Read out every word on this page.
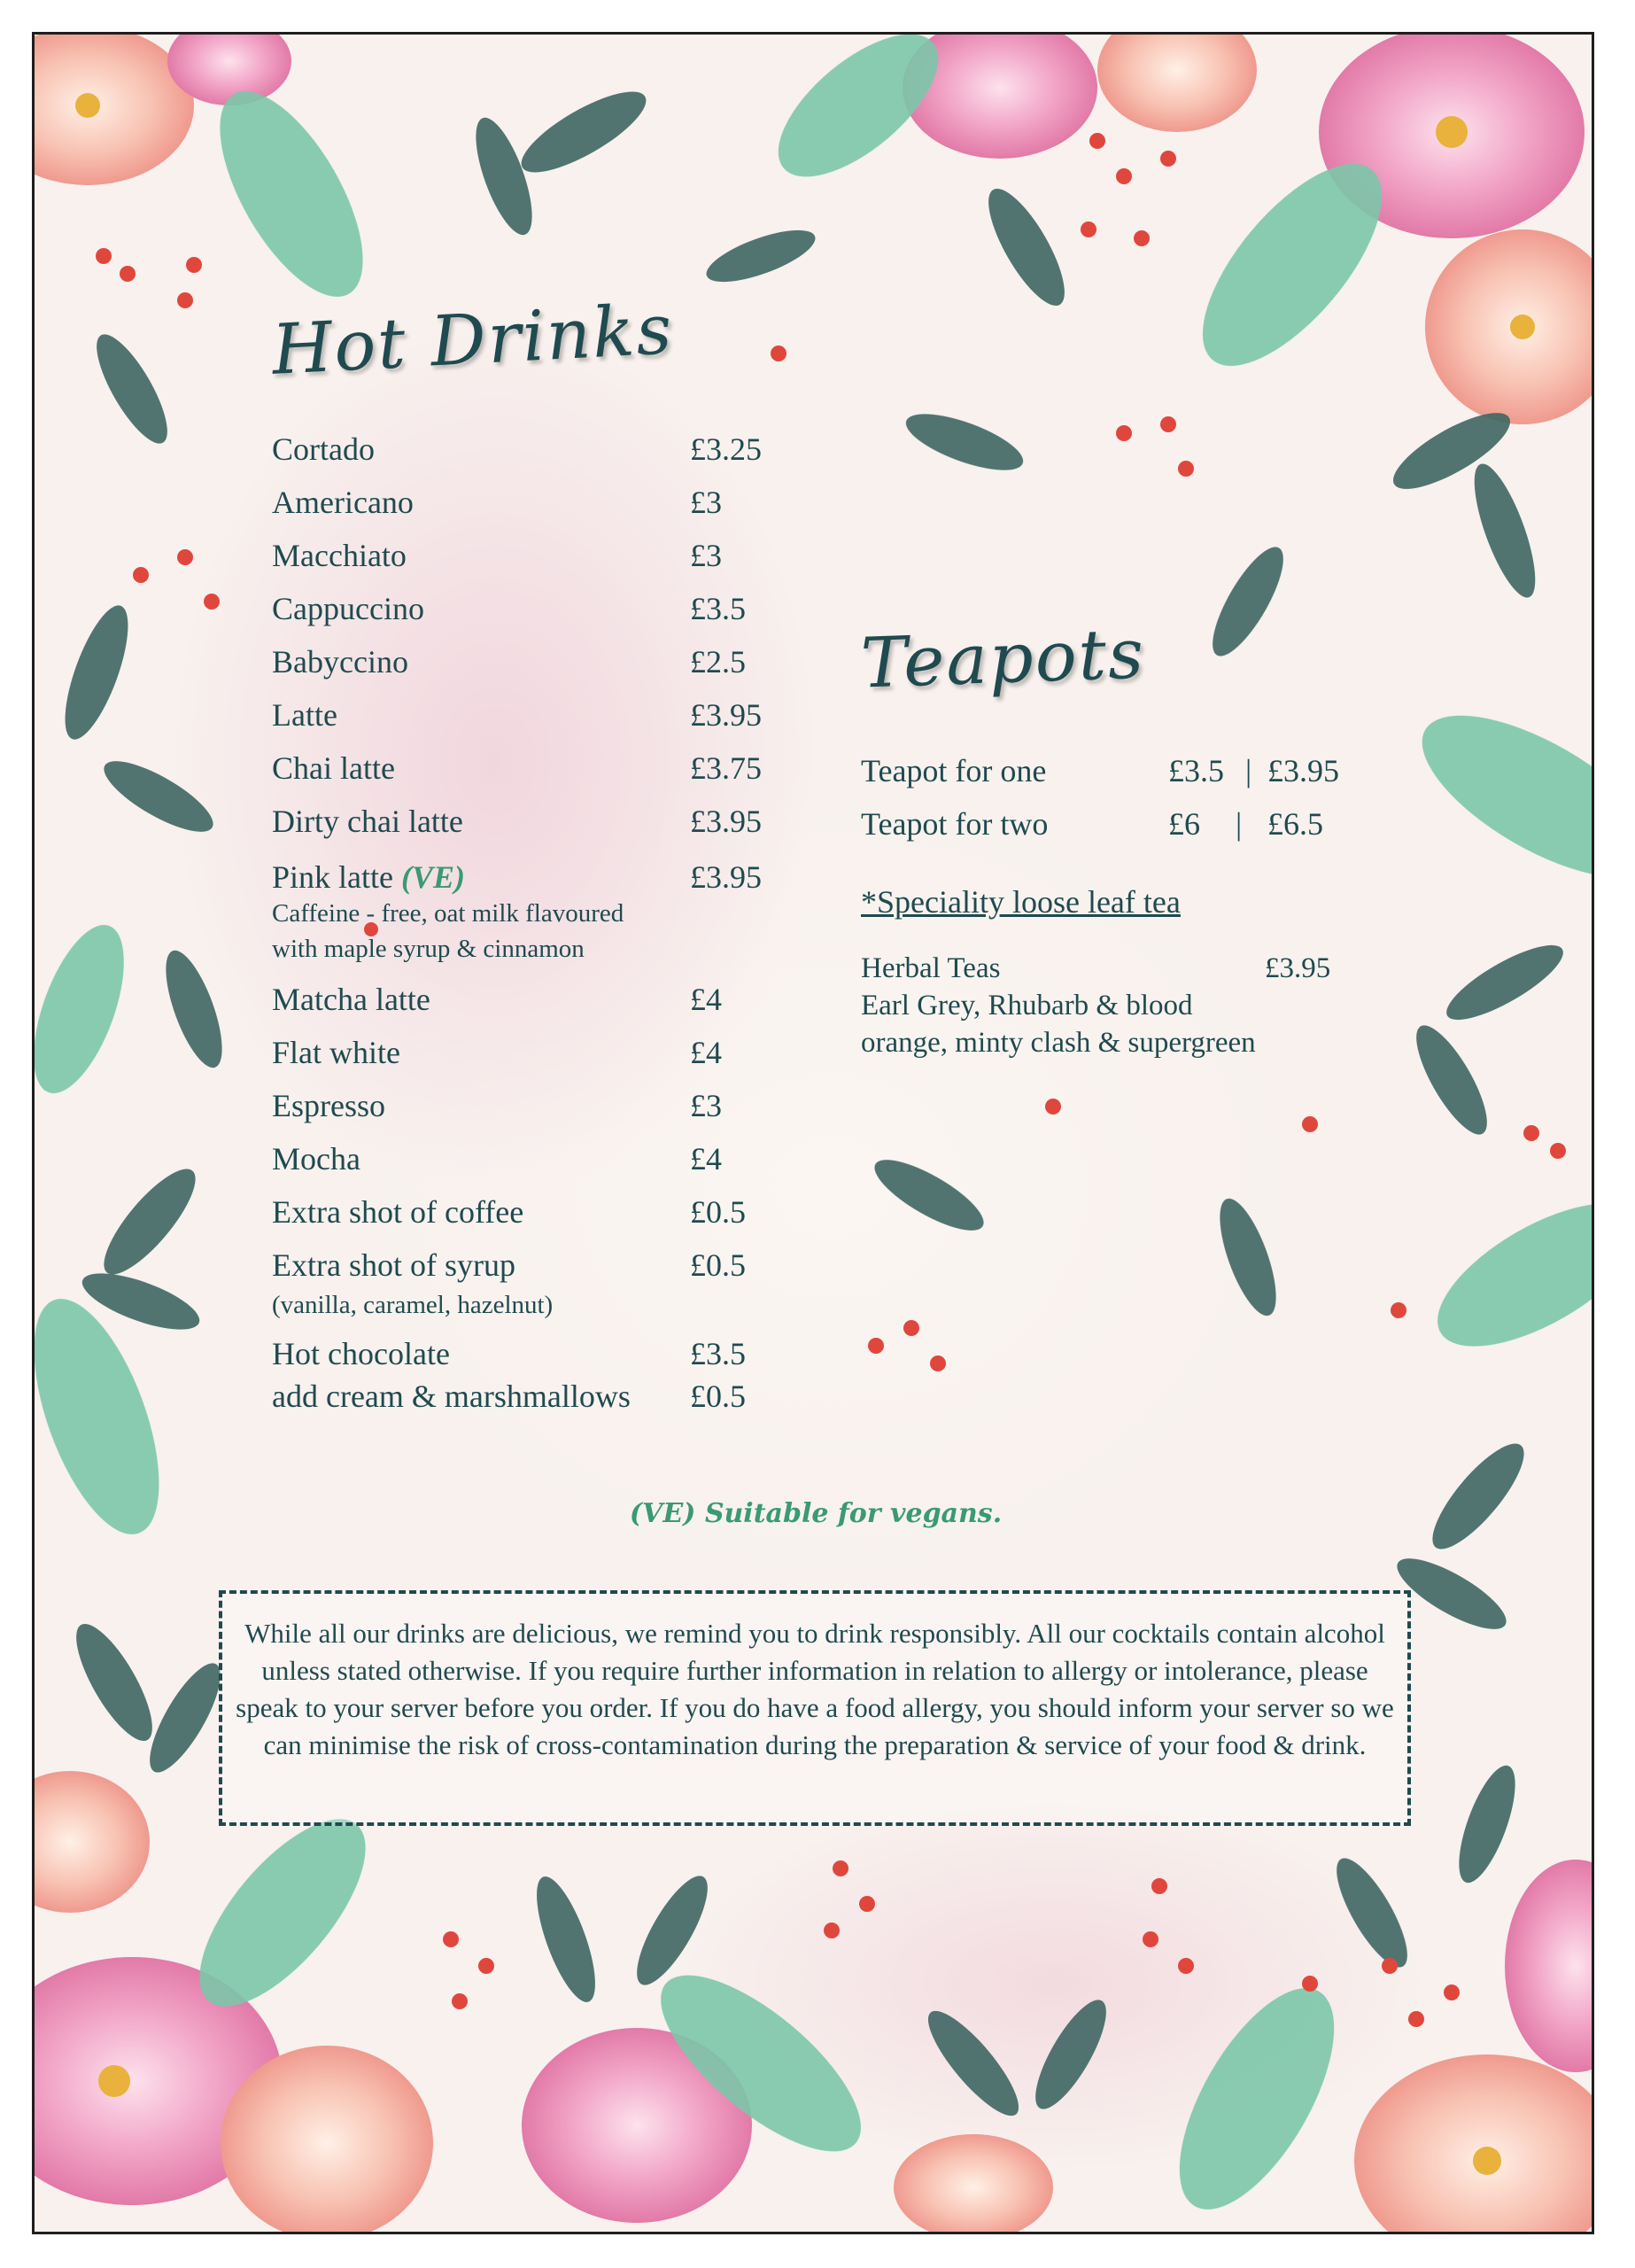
Hot Drinks
Cortado	£3.25
Americano	£3
Macchiato	£3
Cappuccino	£3.5
Babyccino	£2.5
Latte	£3.95
Chai latte	£3.75
Dirty chai latte	£3.95
Pink latte (VE)	£3.95
Caffeine - free, oat milk flavoured
with maple syrup & cinnamon
Matcha latte	£4
Flat white	£4
Espresso	£3
Mocha	£4
Extra shot of coffee	£0.5
Extra shot of syrup	£0.5
(vanilla, caramel, hazelnut)
Hot chocolate	£3.5
add cream & marshmallows £0.5
Teapots
Teapot for one	£3.5 | £3.95
Teapot for two	£6 | £6.5
*Speciality loose leaf tea
Herbal Teas	£3.95
Earl Grey, Rhubarb & blood
orange, minty clash & supergreen
(VE) Suitable for vegans.
While all our drinks are delicious, we remind you to drink responsibly. All our cocktails contain alcohol unless stated otherwise. If you require further information in relation to allergy or intolerance, please speak to your server before you order. If you do have a food allergy, you should inform your server so we can minimise the risk of cross-contamination during the preparation & service of your food & drink.
